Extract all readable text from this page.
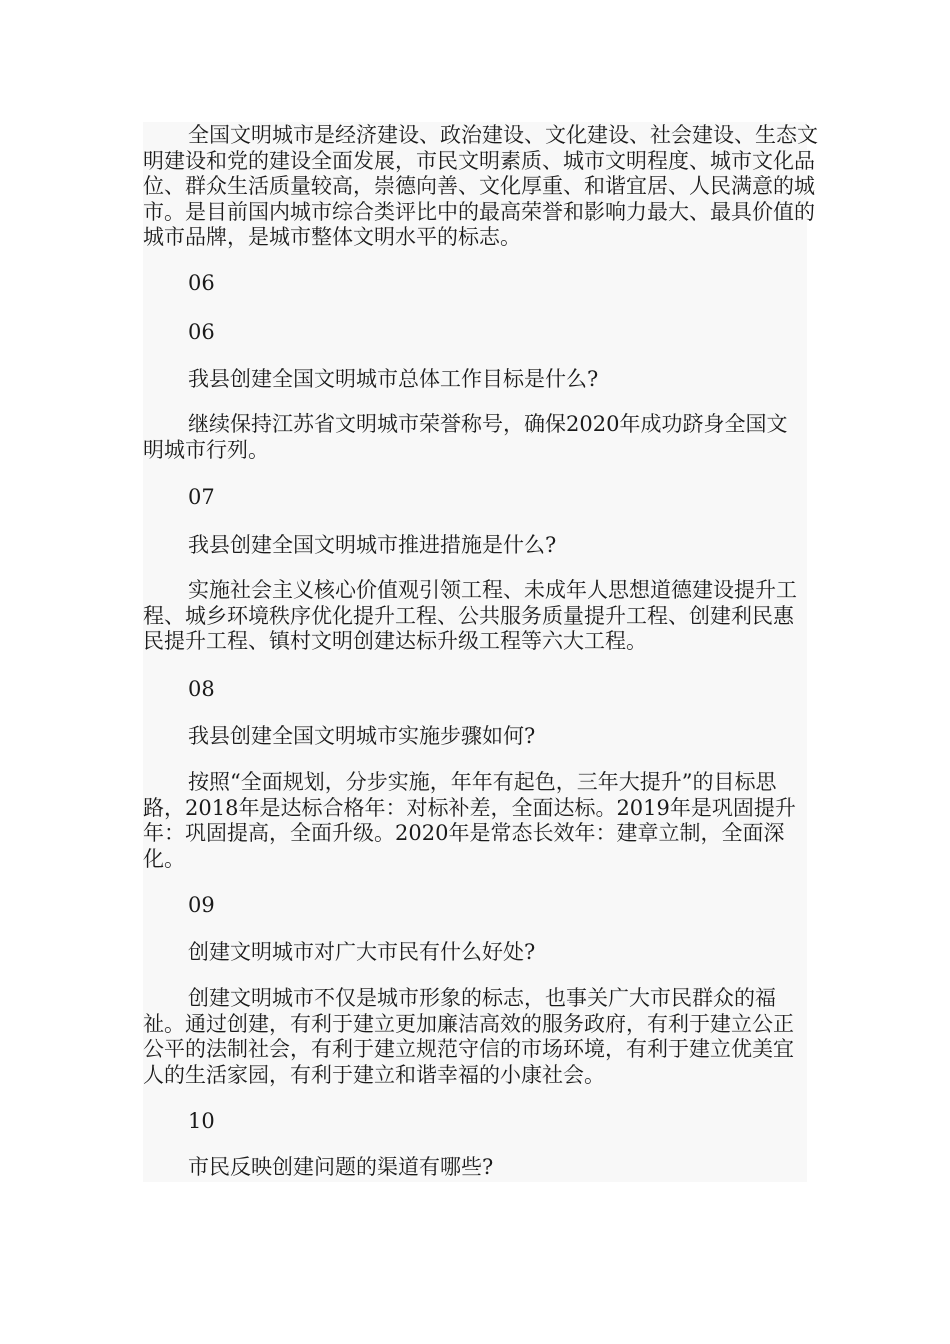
全国文明城市是经济建设、政治建设、文化建设、社会建设、生态文明建设和党的建设全面发展，市民文明素质、城市文明程度、城市文化品位、群众生活质量较高，崇德向善、文化厚重、和谐宜居、人民满意的城市。是目前国内城市综合类评比中的最高荣誉和影响力最大、最具价值的城市品牌，是城市整体文明水平的标志。

06

06

我县创建全国文明城市总体工作目标是什么?

继续保持江苏省文明城市荣誉称号，确保2020年成功跻身全国文明城市行列。

07

我县创建全国文明城市推进措施是什么?

实施社会主义核心价值观引领工程、未成年人思想道德建设提升工程、城乡环境秩序优化提升工程、公共服务质量提升工程、创建利民惠民提升工程、镇村文明创建达标升级工程等六大工程。

08

我县创建全国文明城市实施步骤如何?

按照“全面规划，分步实施，年年有起色，三年大提升”的目标思路，2018年是达标合格年：对标补差，全面达标。2019年是巩固提升年：巩固提高，全面升级。2020年是常态长效年：建章立制，全面深化。

09

创建文明城市对广大市民有什么好处?

创建文明城市不仅是城市形象的标志，也事关广大市民群众的福祉。通过创建，有利于建立更加廉洁高效的服务政府，有利于建立公正公平的法制社会，有利于建立规范守信的市场环境，有利于建立优美宜人的生活家园，有利于建立和谐幸福的小康社会。

10

市民反映创建问题的渠道有哪些?
